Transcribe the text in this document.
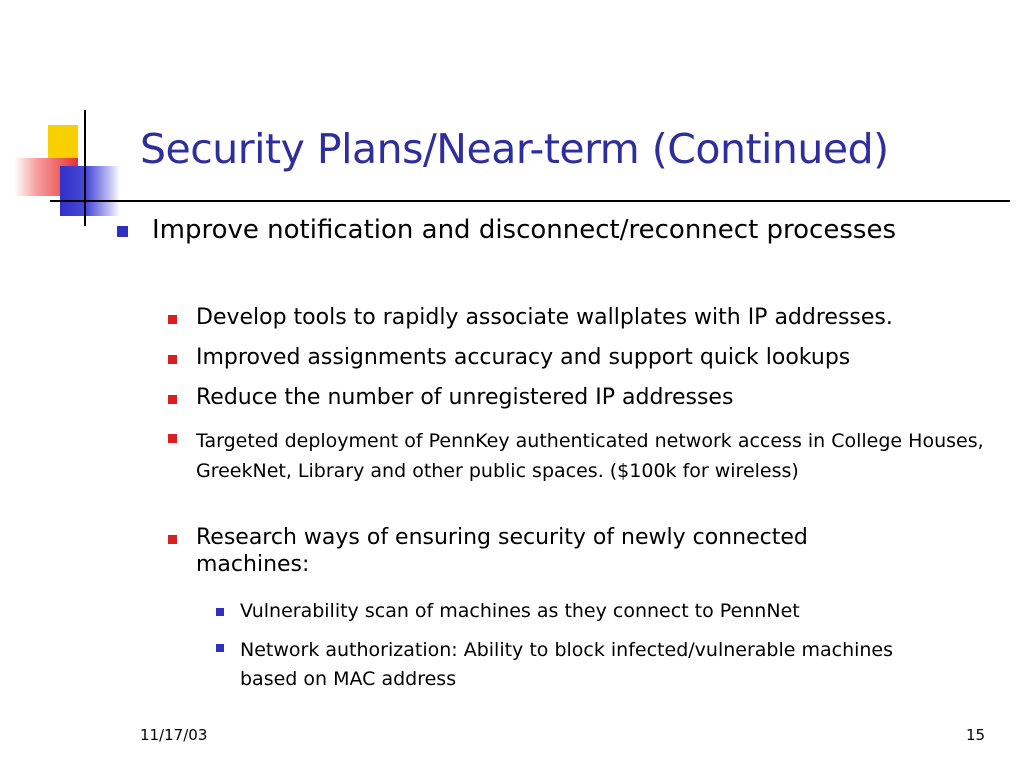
Security Plans/Near-term (Continued)
Improve notification and disconnect/reconnect processes
Develop tools to rapidly associate wallplates with IP addresses.
Improved assignments accuracy and support quick lookups
Reduce the number of unregistered IP addresses
Targeted deployment of PennKey authenticated network access in College Houses, GreekNet, Library and other public spaces. ($100k for wireless)
Research ways of ensuring security of newly connected machines:
Vulnerability scan of machines as they connect to PennNet
Network authorization: Ability to block infected/vulnerable machines based on MAC address
11/17/03	15
